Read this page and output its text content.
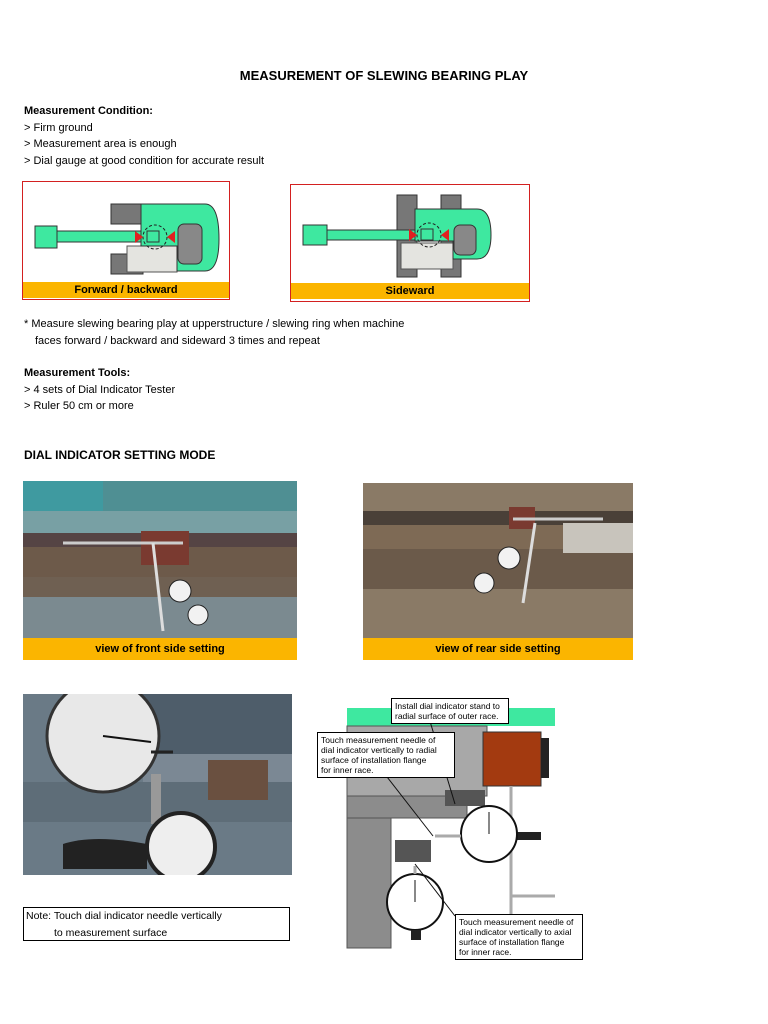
MEASUREMENT OF SLEWING BEARING PLAY
Measurement Condition:
> Firm ground
> Measurement area is enough
> Dial gauge at good condition for accurate result
Forward / backward	Sideward
* Measure slewing bearing play at upperstructure / slewing ring when machine
faces forward / backward and sideward 3 times and repeat
Measurement Tools:
> 4 sets of Dial Indicator Tester
> Ruler 50 cm or more
DIAL INDICATOR SETTING MODE
view of front side setting	view of rear side setting
Note: Touch dial indicator needle vertically
to measurement surface
Install dial indicator stand to
radial surface of outer race.
Touch measurement needle of
dial indicator vertically to radial
surface of installation flange
for inner race.
Touch measurement needle of
dial indicator vertically to axial
surface of installation flange
for inner race.
